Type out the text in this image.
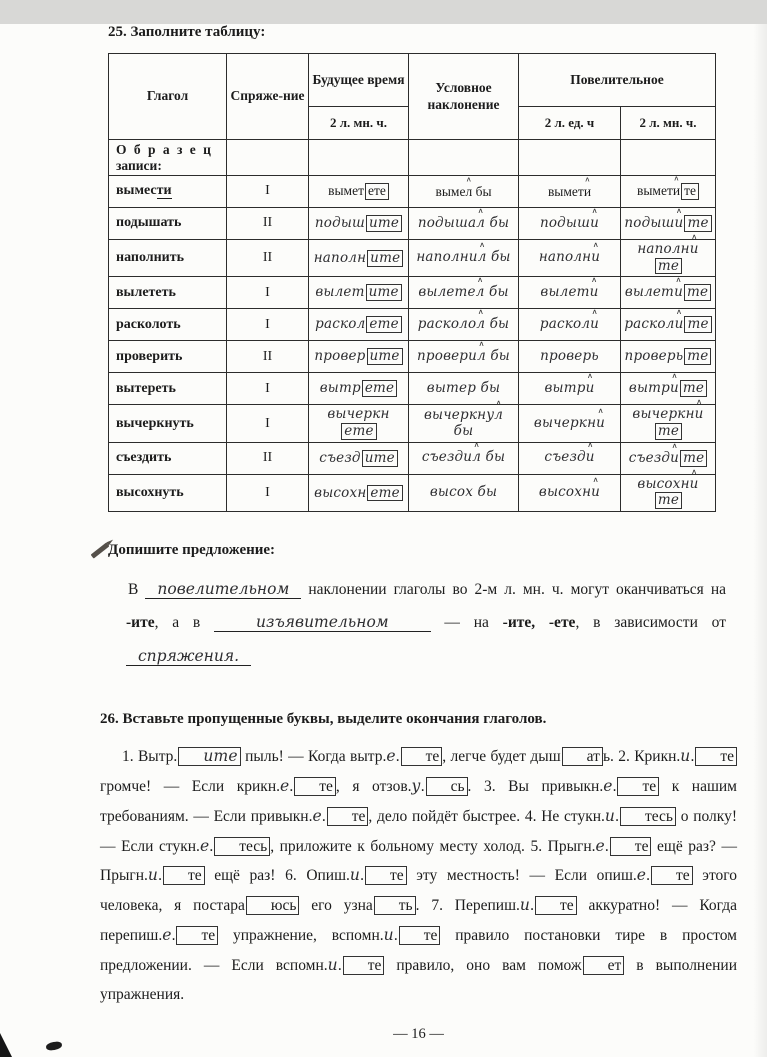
25. Заполните таблицу:
Глагол	Спряже-ние	Будущее время	Условное наклонение	Повелительное	
		2 л. мн. ч.		2 л. ед. ч	2 л. мн. ч.

О б р а з е ц
записи:					

вымести	I	вымет ете	выме∧ л бы	вымет∧ и	вымет∧ и те
подышать	II	подыш ите	подыша∧ л бы	подыш∧ и	подыш∧ и те
наполнить	II	наполн ите	наполни∧ л бы	наполн∧ и	наполн∧ ите
вылететь	I	вылет ите	вылете∧ л бы	вылет∧ и	вылет∧ и те
расколоть	I	раскол ете	расколо∧ л бы	раскол∧ и	раскол∧ и те
проверить	II	провер ите	провери∧ л бы	проверь	проверь те
вытереть	I	вытр ете	вытер бы	вытр∧ и	вытр∧ и те
вычеркнуть	I	вычеркнете	вычеркну∧ л бы	вычеркн∧ и	вычеркн∧ ите
съездить	II	съезд ите	съезди∧ л бы	съезд∧ и	съезд∧ и те
высохнуть	I	высохн ете	высох бы	высохн∧ и	высохн∧ ите
Допишите предложение:

В повелительном наклонении глаголы во 2-м л. мн. ч. могут оканчиваться на -ите, а в	изъявительном	— на -ите, -ете, в зависимости от спряжения.

26. Вставьте пропущенные буквы, выделите окончания глаголов.

1. Вытр. ите пыль! — Когда вытр.е. те , легче будет дыш ат ь. 2. Крикн.и. те громче! — Если крикн.е. те , я отзов.у. сь . 3. Вы привыкн.е. те к нашим требованиям. — Если привыкн.е. те , дело пойдёт быстрее. 4. Не стукн.и. тесь о полку! — Если стукн.е. тесь , приложите к больному месту холод. 5. Прыгн.е. те ещё раз? — Прыгн.и. те ещё раз! 6. Опиш.и. те эту местность! — Если опиш.е. те этого человека, я постара юсь его узна ть . 7. Перепиш.и. те аккуратно! — Когда перепиш.е. те упражнение, вспомн.и. те правило постановки тире в простом предложении. — Если вспомн.и. те правило, оно вам помож ет в выполнении упражнения.

— 16 —
